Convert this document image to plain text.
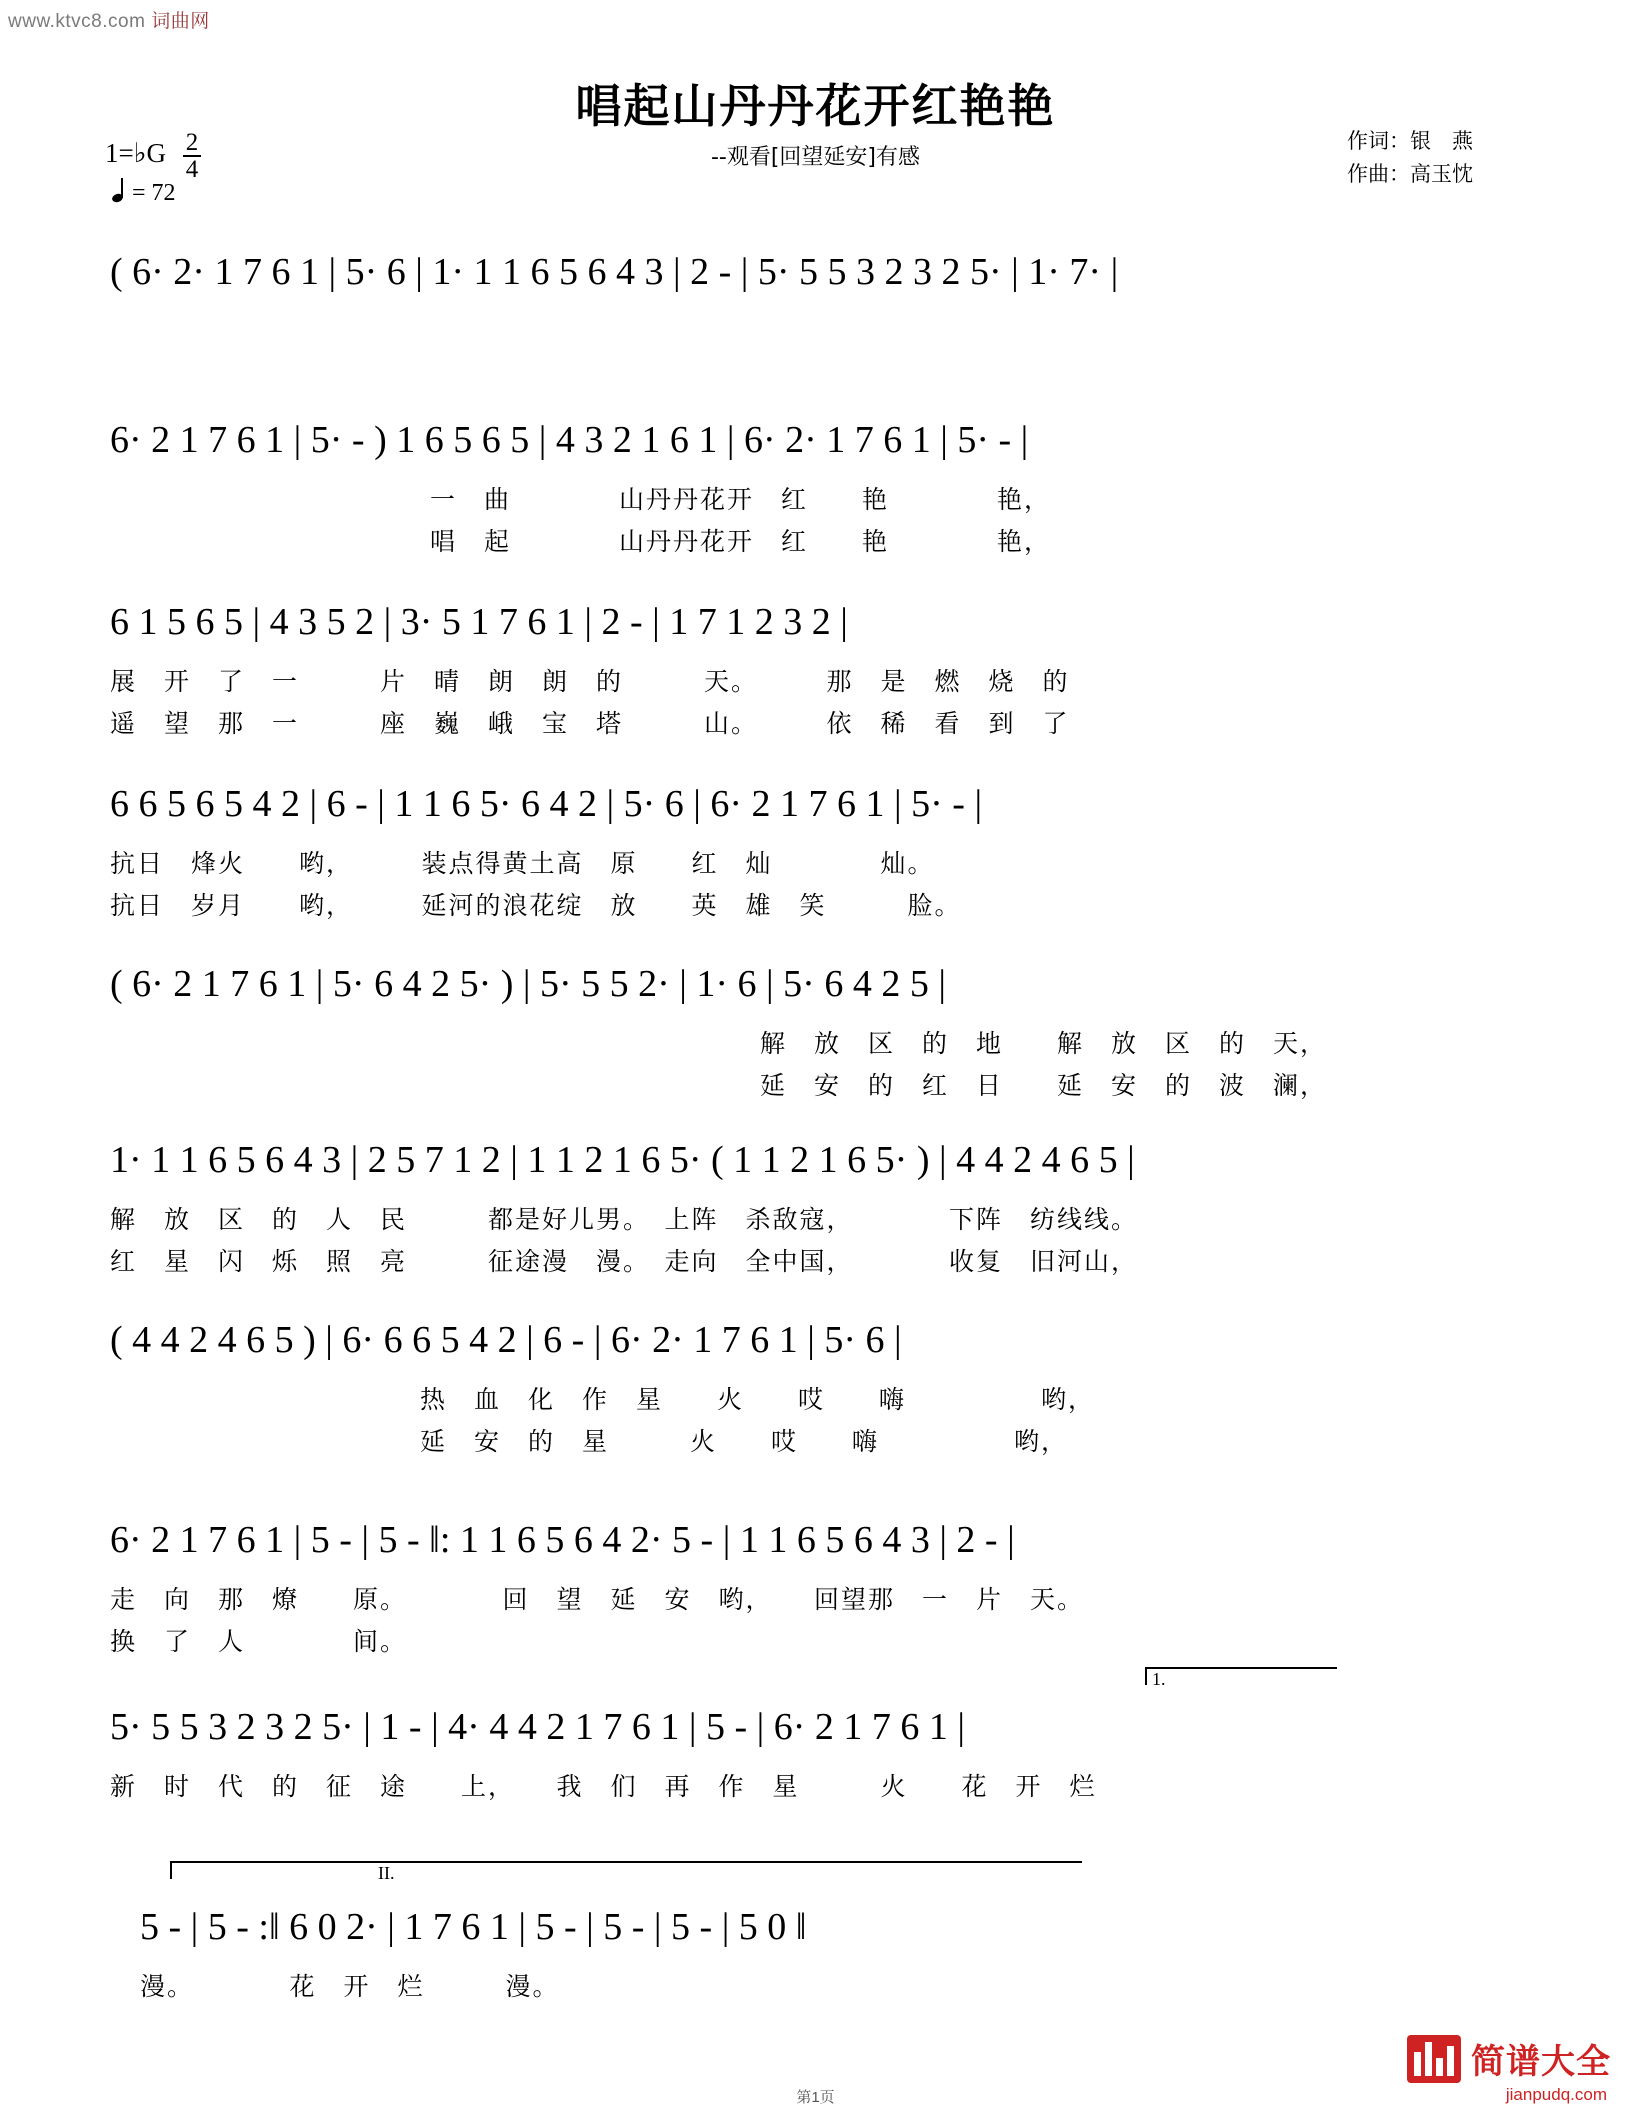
www.ktvc8.com 词曲网
唱起山丹丹花开红艳艳
--观看[回望延安]有感
作词：银　燕
作曲：高玉忱
1=♭G $\frac{2}{4}$
= 72
( 6· 2· 1 7 6 1 | 5· 6 | 1· 1 1 6 5 6 4 3 | 2 - | 5· 5 5 3 2 3 2 5· | 1· 7· |
6· 2 1 7 6 1 | 5· - ) 1 6 5 6 5 | 4 3 2 1 6 1 | 6· 2· 1 7 6 1 | 5· - |
一　曲　　　　山丹丹花开　红　　艳　　　　艳，
唱　起　　　　山丹丹花开　红　　艳　　　　艳，
6 1 5 6 5 | 4 3 5 2 | 3· 5 1 7 6 1 | 2 - | 1 7 1 2 3 2 |
展　开　了　一　　　片　晴　朗　朗　的　　　天。　　　那　是　燃　烧　的
遥　望　那　一　　　座　巍　峨　宝　塔　　　山。　　　依　稀　看　到　了
6 6 5 6 5 4 2 | 6 - | 1 1 6 5· 6 4 2 | 5· 6 | 6· 2 1 7 6 1 | 5· - |
抗日　烽火　　哟，　　　装点得黄土高　原　　红　灿　　　　灿。
抗日　岁月　　哟，　　　延河的浪花绽　放　　英　雄　笑　　　脸。
( 6· 2 1 7 6 1 | 5· 6 4 2 5· ) | 5· 5 5 2· | 1· 6 | 5· 6 4 2 5 |
解　放　区　的　地　　解　放　区　的　天，
延　安　的　红　日　　延　安　的　波　澜，
1· 1 1 6 5 6 4 3 | 2 5 7 1 2 | 1 1 2 1 6 5· ( 1 1 2 1 6 5· ) | 4 4 2 4 6 5 |
解　放　区　的　人　民　　　都是好儿男。　上阵　杀敌寇，　　　　下阵　纺线线。
红　星　闪　烁　照　亮　　　征途漫　漫。　走向　全中国，　　　　收复　旧河山，
( 4 4 2 4 6 5 ) | 6· 6 6 5 4 2 | 6 - | 6· 2· 1 7 6 1 | 5· 6 |
热　血　化　作　星　　火　　哎　　嗨　　　　　哟，
延　安　的　星　　　火　　哎　　嗨　　　　　哟，
6· 2 1 7 6 1 | 5 - | 5 - ‖: 1 1 6 5 6 4 2· 5 - | 1 1 6 5 6 4 3 | 2 - |
走　向　那　燎　　原。　　　　回　望　延　安　哟，　　回望那　一　片　天。
换　了　人　　　　间。
5· 5 5 3 2 3 2 5· | 1 - | 4· 4 4 2 1 7 6 1 | 5 - | 6· 2 1 7 6 1 |
新　时　代　的　征　途　　上，　　我　们　再　作　星　　　火　　花　开　烂
1.
5 - | 5 - :‖ 6 0 2· | 1 7 6 1 | 5 - | 5 - | 5 - | 5 0 ‖
漫。　　　　花　开　烂　　　漫。
II.
简谱大全
jianpudq.com
第1页
